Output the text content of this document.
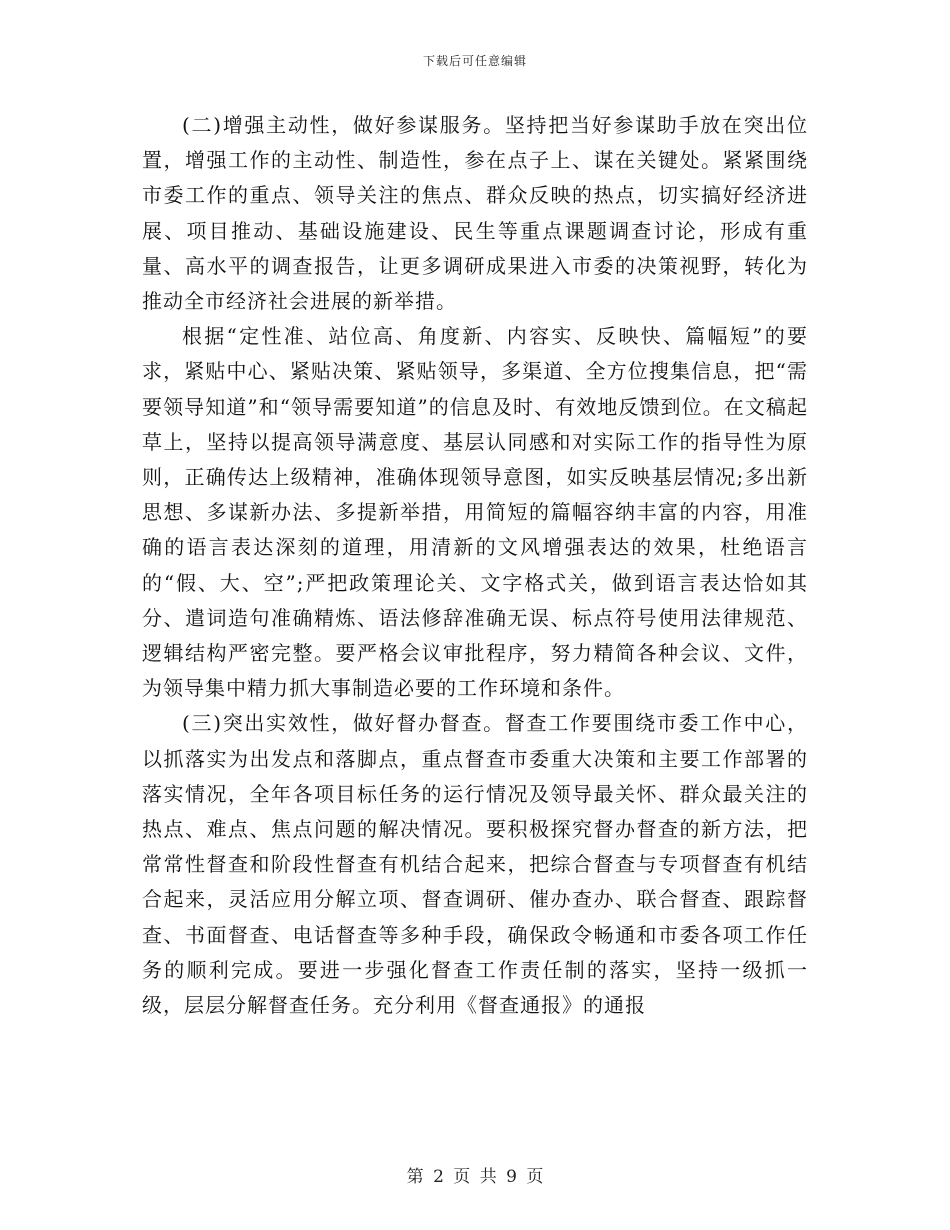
下载后可任意编辑

(二)增强主动性，做好参谋服务。坚持把当好参谋助手放在突出位置，增强工作的主动性、制造性，参在点子上、谋在关键处。紧紧围绕市委工作的重点、领导关注的焦点、群众反映的热点，切实搞好经济进展、项目推动、基础设施建设、民生等重点课题调查讨论，形成有重量、高水平的调查报告，让更多调研成果进入市委的决策视野，转化为推动全市经济社会进展的新举措。

根据“定性准、站位高、角度新、内容实、反映快、篇幅短”的要求，紧贴中心、紧贴决策、紧贴领导，多渠道、全方位搜集信息，把“需要领导知道”和“领导需要知道”的信息及时、有效地反馈到位。在文稿起草上，坚持以提高领导满意度、基层认同感和对实际工作的指导性为原则，正确传达上级精神，准确体现领导意图，如实反映基层情况;多出新思想、多谋新办法、多提新举措，用简短的篇幅容纳丰富的内容，用准确的语言表达深刻的道理，用清新的文风增强表达的效果，杜绝语言的“假、大、空”;严把政策理论关、文字格式关，做到语言表达恰如其分、遣词造句准确精炼、语法修辞准确无误、标点符号使用法律规范、逻辑结构严密完整。要严格会议审批程序，努力精简各种会议、文件，为领导集中精力抓大事制造必要的工作环境和条件。

(三)突出实效性，做好督办督查。督查工作要围绕市委工作中心，以抓落实为出发点和落脚点，重点督查市委重大决策和主要工作部署的落实情况，全年各项目标任务的运行情况及领导最关怀、群众最关注的热点、难点、焦点问题的解决情况。要积极探究督办督查的新方法，把常常性督查和阶段性督查有机结合起来，把综合督查与专项督查有机结合起来，灵活应用分解立项、督查调研、催办查办、联合督查、跟踪督查、书面督查、电话督查等多种手段，确保政令畅通和市委各项工作任务的顺利完成。要进一步强化督查工作责任制的落实，坚持一级抓一级，层层分解督查任务。充分利用《督查通报》的通报

第 2 页 共 9 页
